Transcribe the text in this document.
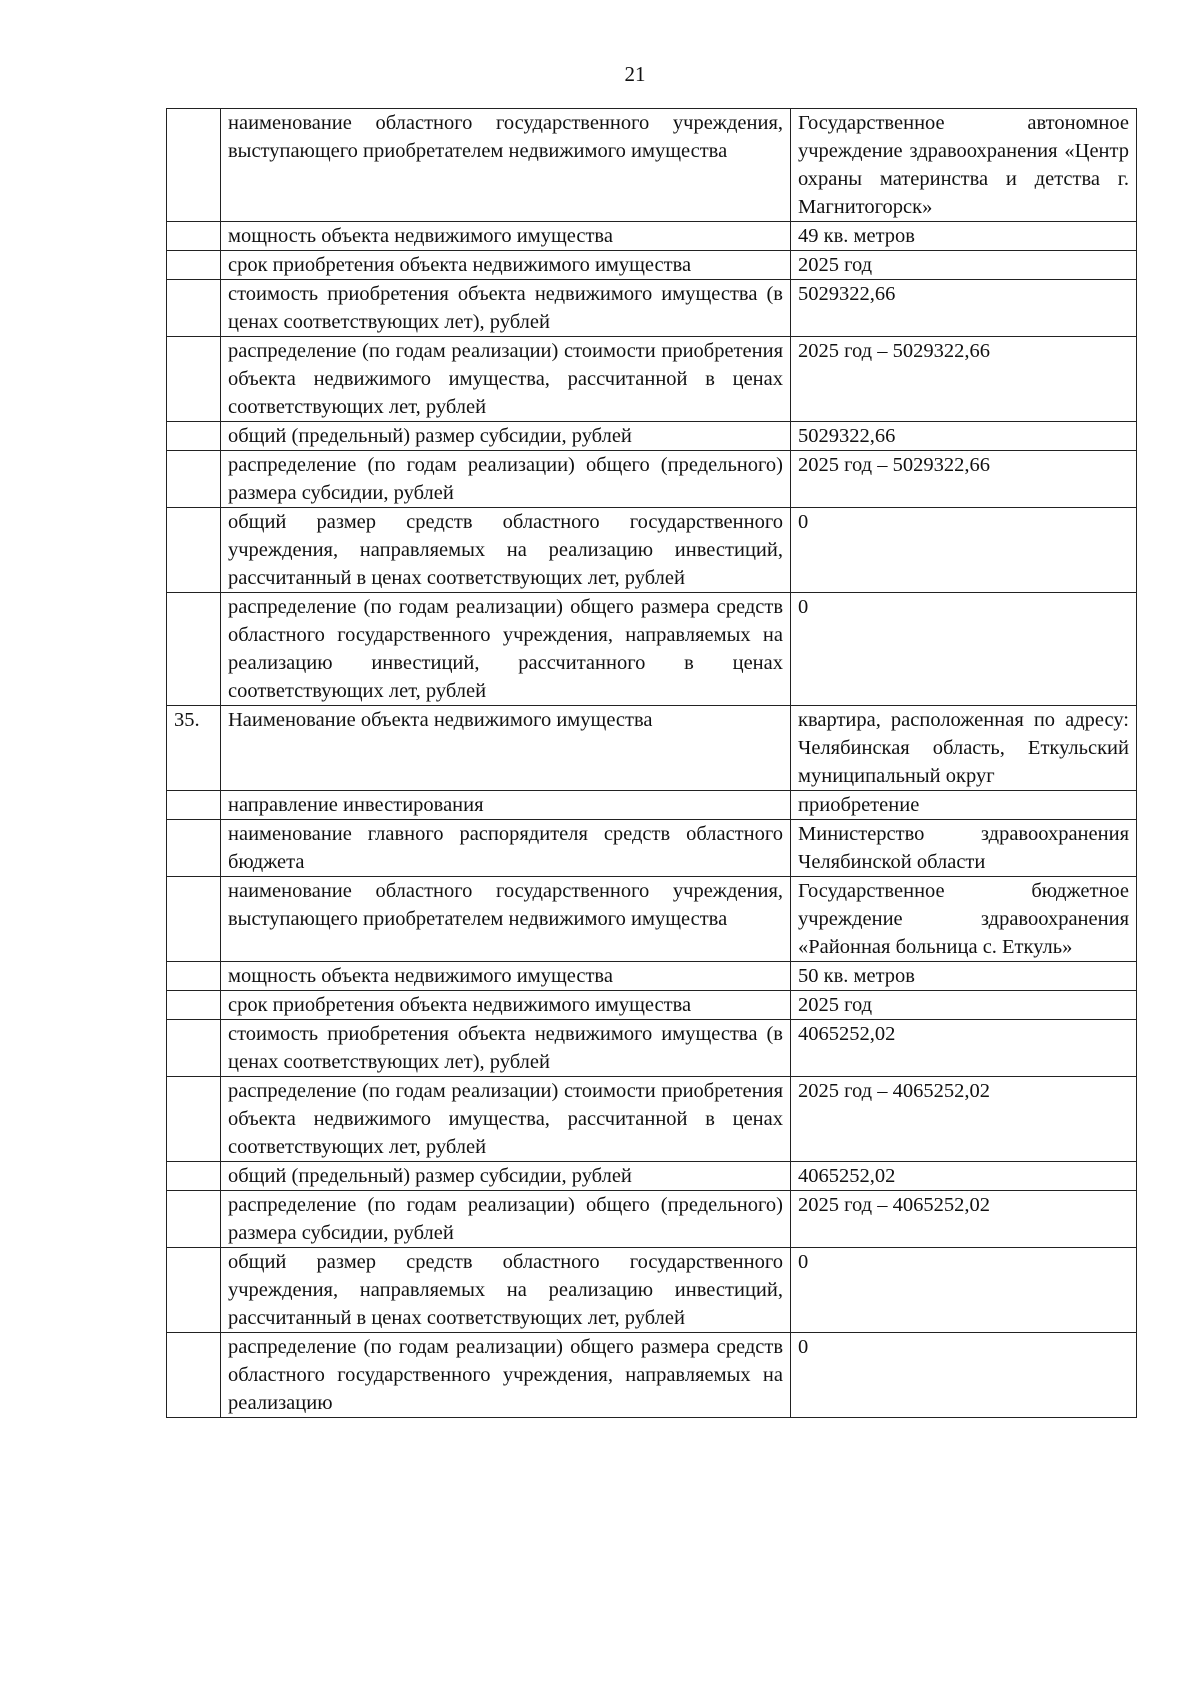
21
	наименование областного государственного учреждения, выступающего приобретателем недвижимого имущества	Государственное автономное учреждение здравоохранения «Центр охраны материнства и детства г. Магнитогорск»
	мощность объекта недвижимого имущества	49 кв. метров
	срок приобретения объекта недвижимого имущества	2025 год
	стоимость приобретения объекта недвижимого имущества (в ценах соответствующих лет), рублей	5029322,66
	распределение (по годам реализации) стоимости приобретения объекта недвижимого имущества, рассчитанной в ценах соответствующих лет, рублей	2025 год – 5029322,66
	общий (предельный) размер субсидии, рублей	5029322,66
	распределение (по годам реализации) общего (предельного) размера субсидии, рублей	2025 год – 5029322,66
	общий размер средств областного государственного учреждения, направляемых на реализацию инвестиций, рассчитанный в ценах соответствующих лет, рублей	0
	распределение (по годам реализации) общего размера средств областного государственного учреждения, направляемых на реализацию инвестиций, рассчитанного в ценах соответствующих лет, рублей	0
35.	Наименование объекта недвижимого имущества	квартира, расположенная по адресу: Челябинская область, Еткульский муниципальный округ
	направление инвестирования	приобретение
	наименование главного распорядителя средств областного бюджета	Министерство здравоохранения Челябинской области
	наименование областного государственного учреждения, выступающего приобретателем недвижимого имущества	Государственное бюджетное учреждение здравоохранения «Районная больница с. Еткуль»
	мощность объекта недвижимого имущества	50 кв. метров
	срок приобретения объекта недвижимого имущества	2025 год
	стоимость приобретения объекта недвижимого имущества (в ценах соответствующих лет), рублей	4065252,02
	распределение (по годам реализации) стоимости приобретения объекта недвижимого имущества, рассчитанной в ценах соответствующих лет, рублей	2025 год – 4065252,02
	общий (предельный) размер субсидии, рублей	4065252,02
	распределение (по годам реализации) общего (предельного) размера субсидии, рублей	2025 год – 4065252,02
	общий размер средств областного государственного учреждения, направляемых на реализацию инвестиций, рассчитанный в ценах соответствующих лет, рублей	0
	распределение (по годам реализации) общего размера средств областного государственного учреждения, направляемых на реализацию	0
